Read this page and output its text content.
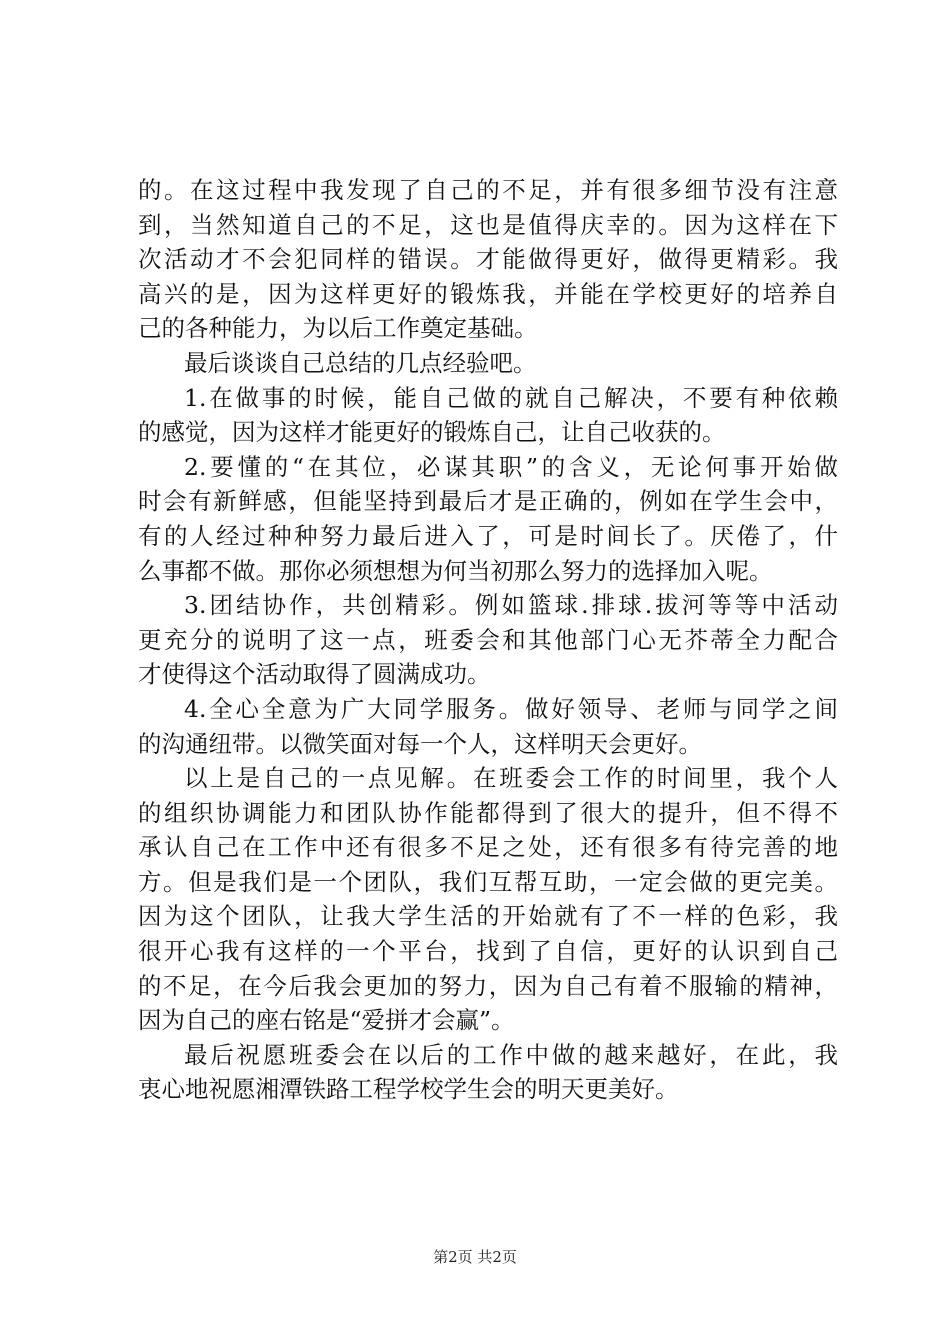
的。在这过程中我发现了自己的不足，并有很多细节没有注意
到，当然知道自己的不足，这也是值得庆幸的。因为这样在下
次活动才不会犯同样的错误。才能做得更好，做得更精彩。我
高兴的是，因为这样更好的锻炼我，并能在学校更好的培养自
己的各种能力，为以后工作奠定基础。
最后谈谈自己总结的几点经验吧。
1.在做事的时候，能自己做的就自己解决，不要有种依赖
的感觉，因为这样才能更好的锻炼自己，让自己收获的。
2.要懂的“在其位，必谋其职”的含义，无论何事开始做
时会有新鲜感，但能坚持到最后才是正确的，例如在学生会中，
有的人经过种种努力最后进入了，可是时间长了。厌倦了，什
么事都不做。那你必须想想为何当初那么努力的选择加入呢。
3.团结协作，共创精彩。例如篮球.排球.拔河等等中活动
更充分的说明了这一点，班委会和其他部门心无芥蒂全力配合
才使得这个活动取得了圆满成功。
4.全心全意为广大同学服务。做好领导、老师与同学之间
的沟通纽带。以微笑面对每一个人，这样明天会更好。
以上是自己的一点见解。在班委会工作的时间里，我个人
的组织协调能力和团队协作能都得到了很大的提升，但不得不
承认自己在工作中还有很多不足之处，还有很多有待完善的地
方。但是我们是一个团队，我们互帮互助，一定会做的更完美。
因为这个团队，让我大学生活的开始就有了不一样的色彩，我
很开心我有这样的一个平台，找到了自信，更好的认识到自己
的不足，在今后我会更加的努力，因为自己有着不服输的精神，
因为自己的座右铭是“爱拼才会赢”。
最后祝愿班委会在以后的工作中做的越来越好，在此，我
衷心地祝愿湘潭铁路工程学校学生会的明天更美好。
第2页 共2页
